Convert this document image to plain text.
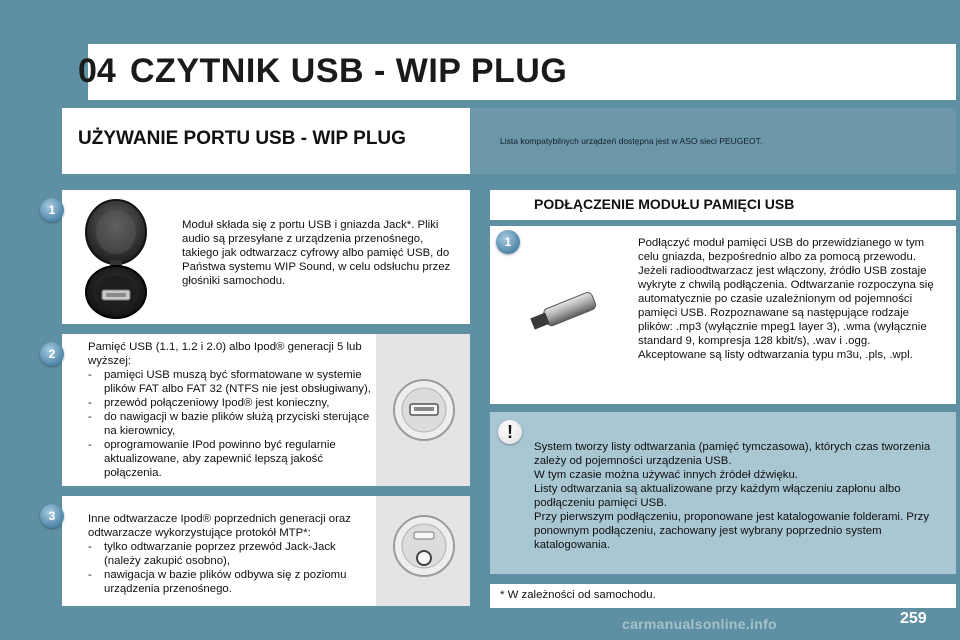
04 CZYTNIK USB - WIP PLUG
UŻYWANIE PORTU USB - WIP PLUG	Lista kompatybilnych urządzeń dostępna jest w ASO sieci PEUGEOT.
1
Moduł składa się z portu USB i gniazda Jack*. Pliki audio są przesyłane z urządzenia przenośnego, takiego jak odtwarzacz cyfrowy albo pamięć USB, do Państwa systemu WIP Sound, w celu odsłuchu przez głośniki samochodu.
2	Pamięć USB (1.1, 1.2 i 2.0) albo Ipod® generacji 5 lub wyższej:
- pamięci USB muszą być sformatowane w systemie plików FAT albo FAT 32 (NTFS nie jest obsługiwany),
- przewód połączeniowy Ipod® jest konieczny,
- do nawigacji w bazie plików służą przyciski sterujące na kierownicy,
- oprogramowanie IPod powinno być regularnie aktualizowane, aby zapewnić lepszą jakość połączenia.
3	Inne odtwarzacze Ipod® poprzednich generacji oraz odtwarzacze wykorzystujące protokół MTP*:
- tylko odtwarzanie poprzez przewód Jack-Jack (należy zakupić osobno),
- nawigacja w bazie plików odbywa się z poziomu urządzenia przenośnego.
PODŁĄCZENIE MODUŁU PAMIĘCI USB
1	Podłączyć moduł pamięci USB do przewidzianego w tym celu gniazda, bezpośrednio albo za pomocą przewodu. Jeżeli radioodtwarzacz jest włączony, źródło USB zostaje wykryte z chwilą podłączenia. Odtwarzanie rozpoczyna się automatycznie po czasie uzależnionym od pojemności pamięci USB. Rozpoznawane są następujące rodzaje plików: .mp3 (wyłącznie mpeg1 layer 3), .wma (wyłącznie standard 9, kompresja 128 kbit/s), .wav i .ogg. Akceptowane są listy odtwarzania typu m3u, .pls, .wpl.
!
System tworzy listy odtwarzania (pamięć tymczasowa), których czas tworzenia zależy od pojemności urządzenia USB.
W tym czasie można używać innych źródeł dźwięku.
Listy odtwarzania są aktualizowane przy każdym włączeniu zapłonu albo podłączeniu pamięci USB.
Przy pierwszym podłączeniu, proponowane jest katalogowanie folderami. Przy ponownym podłączeniu, zachowany jest wybrany poprzednio system katalogowania.
* W zależności od samochodu.
carmanualsonline.info	259
